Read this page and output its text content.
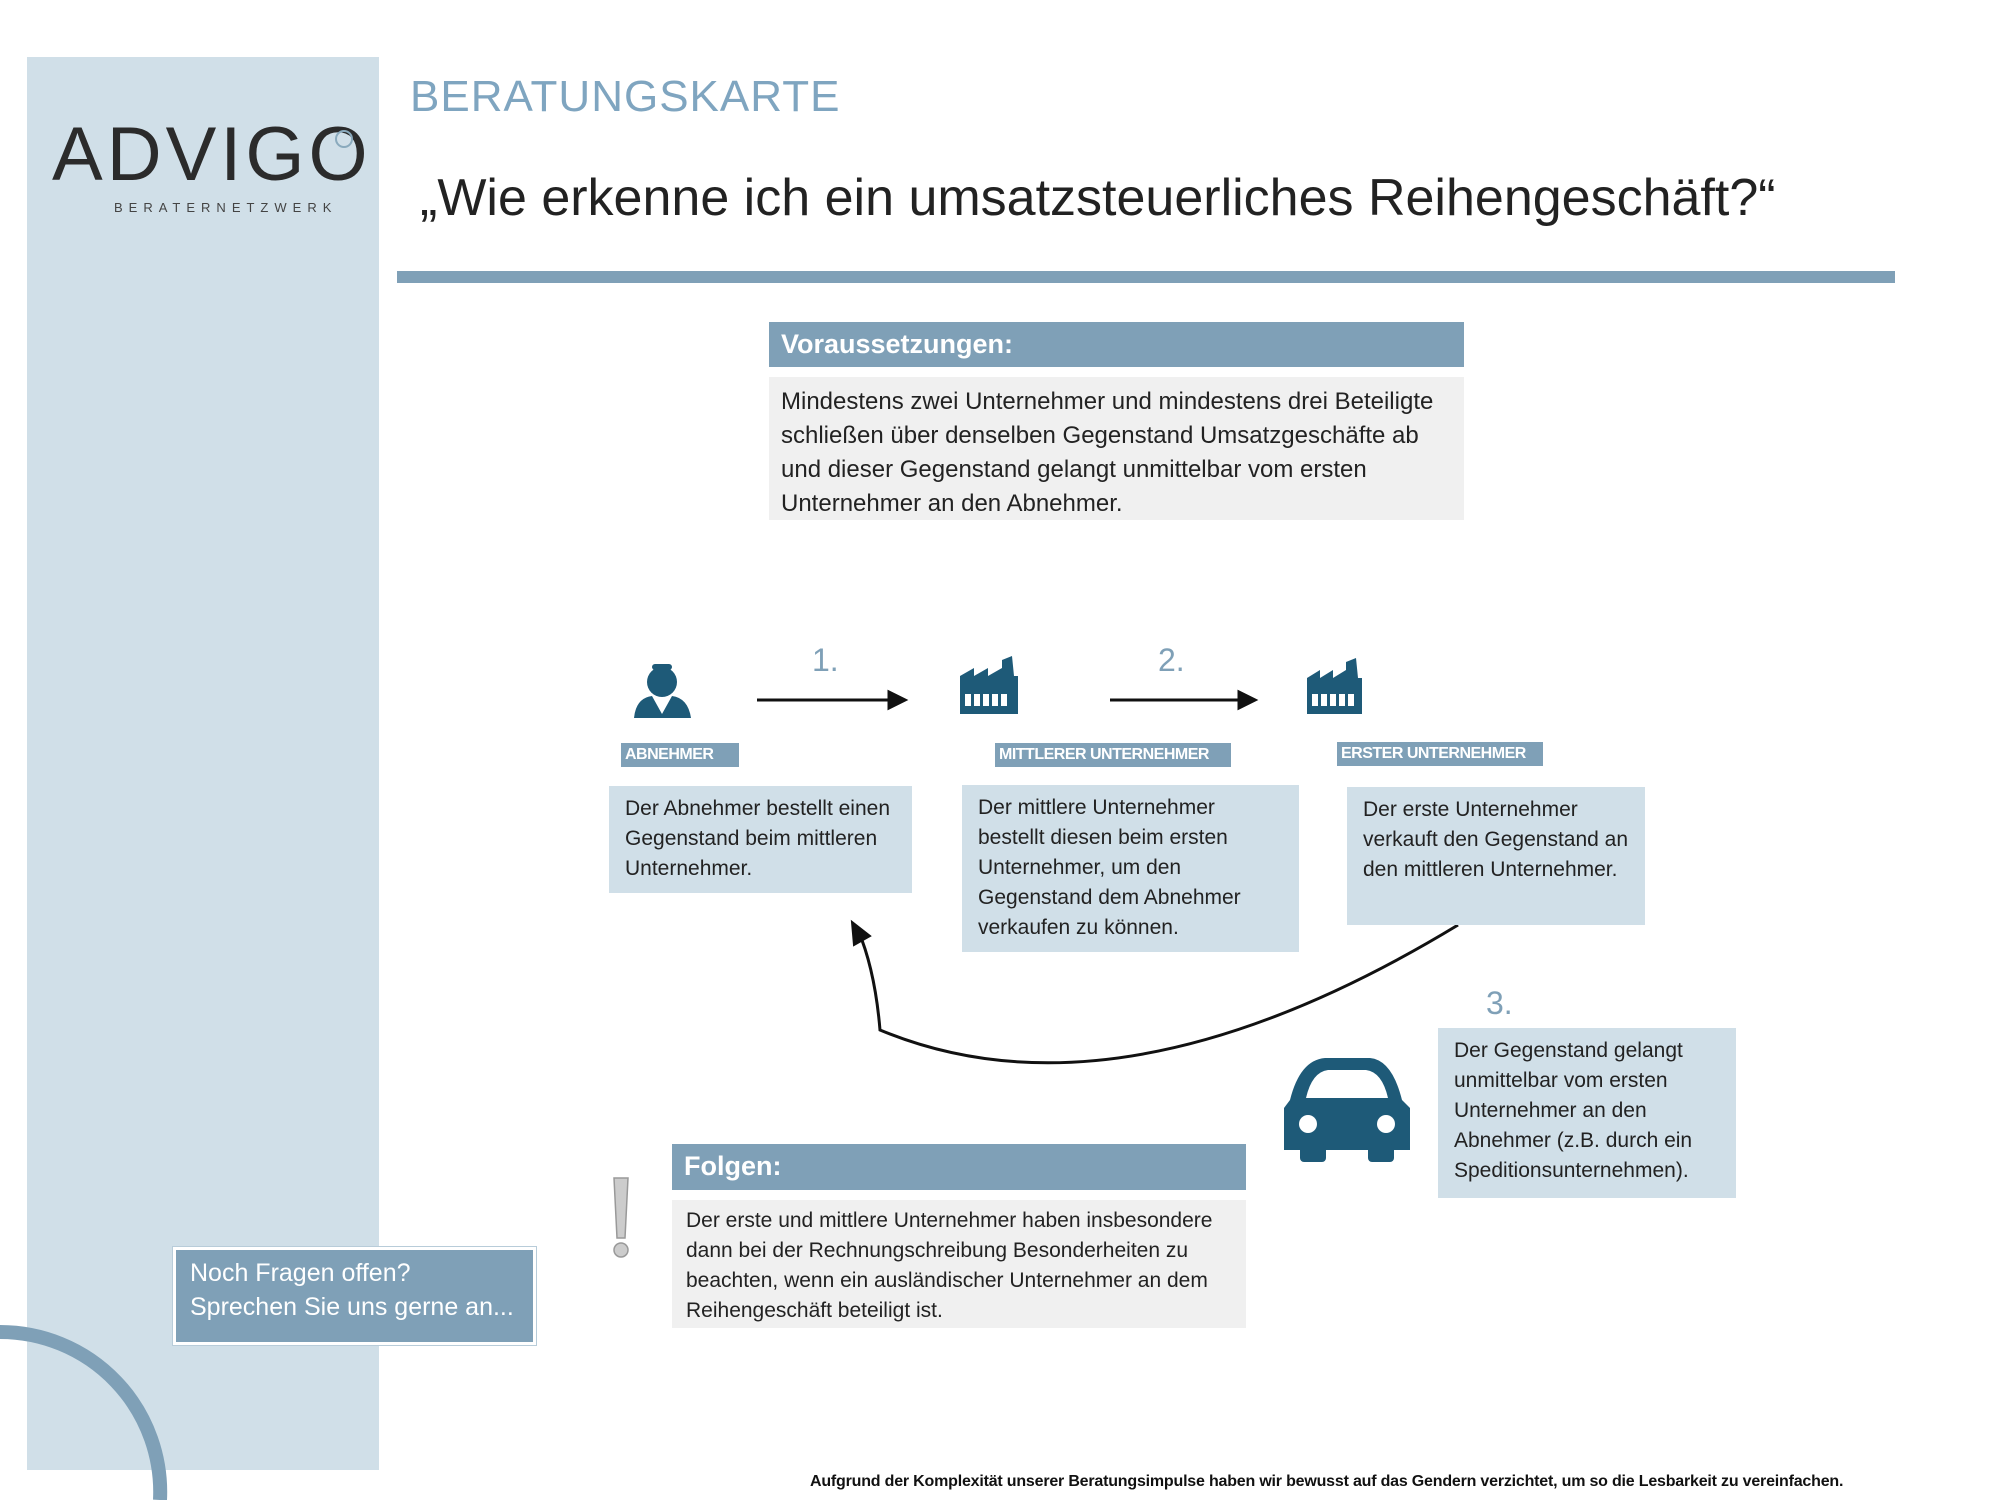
ADVIGO
BERATERNETZWERK
BERATUNGSKARTE
„Wie erkenne ich ein umsatzsteuerliches Reihengeschäft?“
Voraussetzungen:
Mindestens zwei Unternehmer und mindestens drei Beteiligte schließen über denselben Gegenstand Umsatzgeschäfte ab und dieser Gegenstand gelangt unmittelbar vom ersten Unternehmer an den Abnehmer.
1.	2.
3.
ABNEHMER	MITTLERER UNTERNEHMER	ERSTER UNTERNEHMER
Der Abnehmer bestellt einen Gegenstand beim mittleren Unternehmer.
Der mittlere Unternehmer bestellt diesen beim ersten Unternehmer, um den Gegenstand dem Abnehmer verkaufen zu können.
Der erste Unternehmer verkauft den Gegenstand an den mittleren Unternehmer.
Der Gegenstand gelangt unmittelbar vom ersten Unternehmer an den Abnehmer (z.B. durch ein Speditionsunternehmen).
Folgen:
Der erste und mittlere Unternehmer haben insbesondere dann bei der Rechnungschreibung Besonderheiten zu beachten, wenn ein ausländischer Unternehmer an dem Reihengeschäft beteiligt ist.
Noch Fragen offen?
Sprechen Sie uns gerne an...
Aufgrund der Komplexität unserer Beratungsimpulse haben wir bewusst auf das Gendern verzichtet, um so die Lesbarkeit zu vereinfachen.
